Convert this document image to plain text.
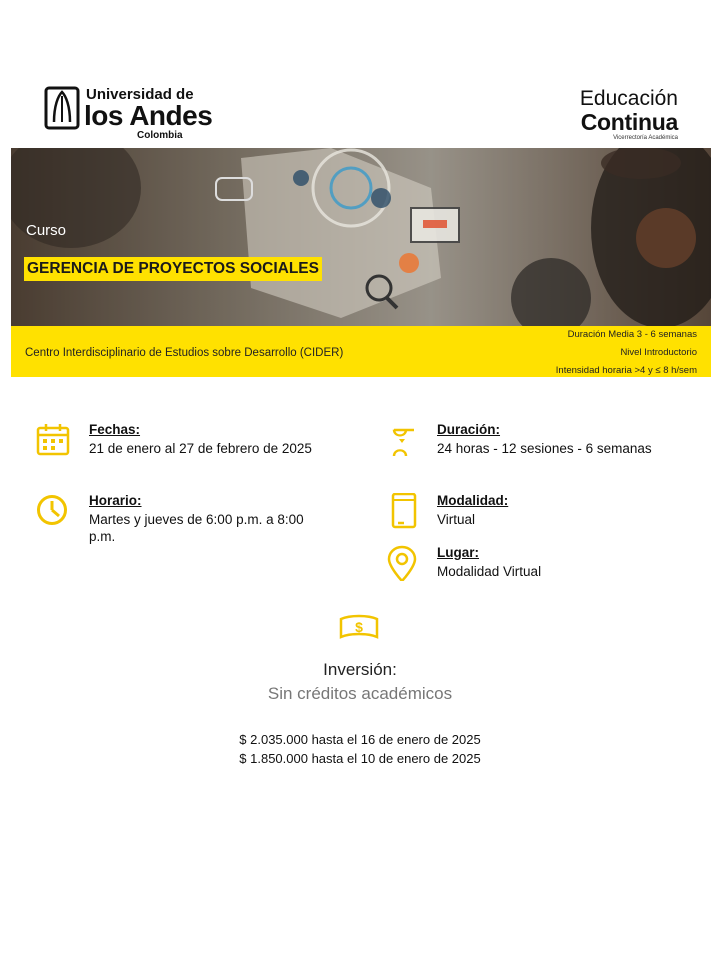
Universidad de
los Andes
Colombia
Educación
Continua
Vicerrectoría Académica
Curso
GERENCIA DE PROYECTOS SOCIALES
Centro Interdisciplinario de Estudios sobre Desarrollo (CIDER)
Duración Media 3 - 6 semanas
Nivel Introductorio
Intensidad horaria >4 y ≤ 8 h/sem
Fechas:
21 de enero al 27 de febrero de 2025
Horario:
Martes y jueves de 6:00 p.m. a 8:00 p.m.
Duración:
24 horas - 12 sesiones - 6 semanas
Modalidad:
Virtual
Lugar:
Modalidad Virtual
$
Inversión:
Sin créditos académicos
$ 2.035.000 hasta el 16 de enero de 2025
$ 1.850.000 hasta el 10 de enero de 2025
